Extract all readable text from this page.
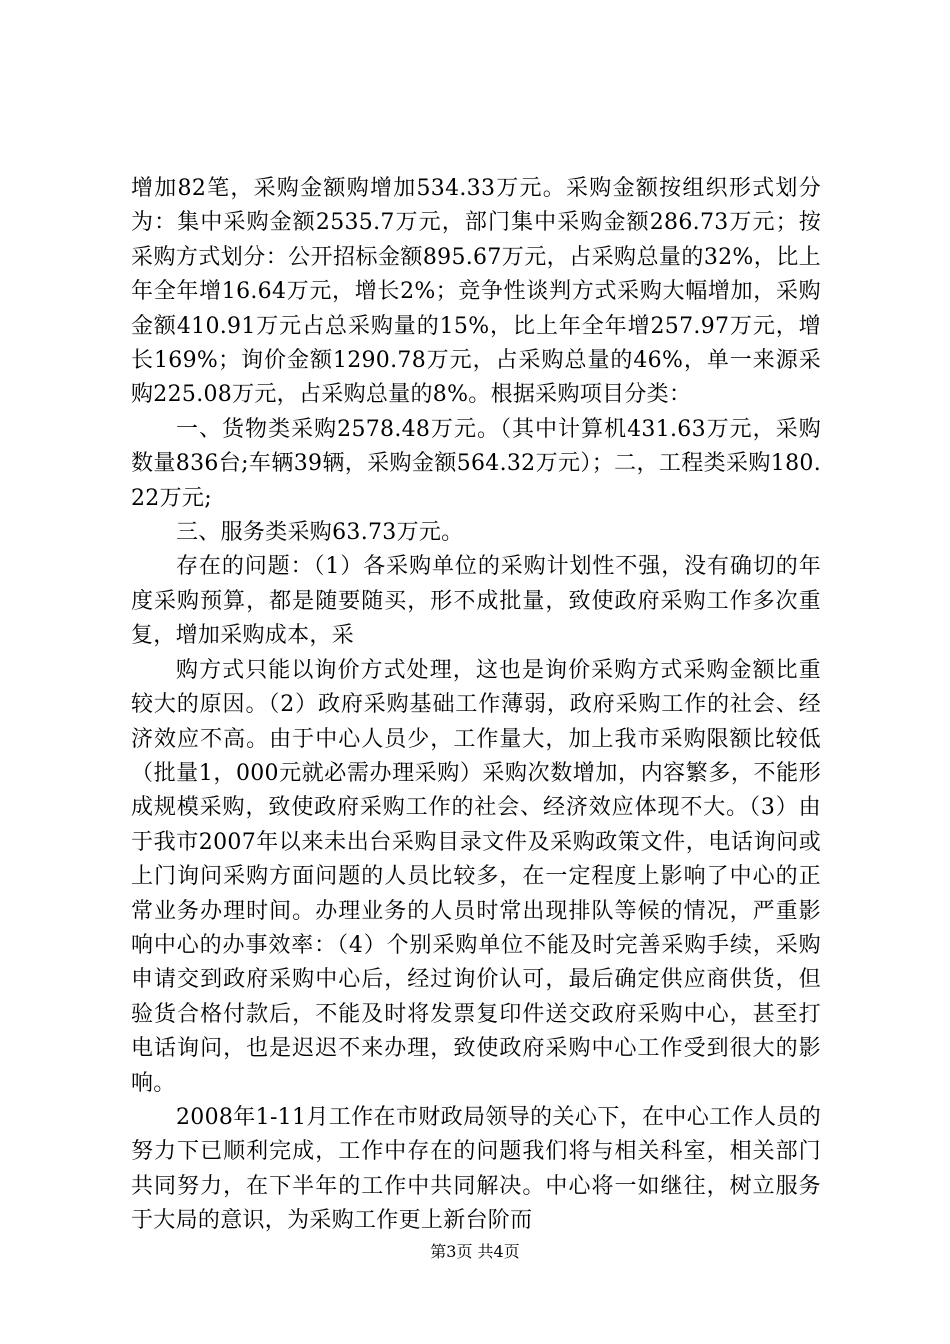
增加82笔，采购金额购增加534.33万元。采购金额按组织形式划分为：集中采购金额2535.7万元，部门集中采购金额286.73万元；按采购方式划分：公开招标金额895.67万元，占采购总量的32%，比上年全年增16.64万元，增长2%；竞争性谈判方式采购大幅增加，采购金额410.91万元占总采购量的15%，比上年全年增257.97万元，增长169%；询价金额1290.78万元，占采购总量的46%，单一来源采购225.08万元，占采购总量的8%。根据采购项目分类：

一、货物类采购2578.48万元。（其中计算机431.63万元，采购数量836台;车辆39辆，采购金额564.32万元）；二，工程类采购180.22万元;

三、服务类采购63.73万元。

存在的问题：（1）各采购单位的采购计划性不强，没有确切的年度采购预算，都是随要随买，形不成批量，致使政府采购工作多次重复，增加采购成本，采

购方式只能以询价方式处理，这也是询价采购方式采购金额比重较大的原因。（2）政府采购基础工作薄弱，政府采购工作的社会、经济效应不高。由于中心人员少，工作量大，加上我市采购限额比较低（批量1，000元就必需办理采购）采购次数增加，内容繁多，不能形成规模采购，致使政府采购工作的社会、经济效应体现不大。（3）由于我市2007年以来未出台采购目录文件及采购政策文件，电话询问或上门询问采购方面问题的人员比较多，在一定程度上影响了中心的正常业务办理时间。办理业务的人员时常出现排队等候的情况，严重影响中心的办事效率：（4）个别采购单位不能及时完善采购手续，采购申请交到政府采购中心后，经过询价认可，最后确定供应商供货，但验货合格付款后，不能及时将发票复印件送交政府采购中心，甚至打电话询问，也是迟迟不来办理，致使政府采购中心工作受到很大的影响。

2008年1-11月工作在市财政局领导的关心下，在中心工作人员的努力下已顺利完成，工作中存在的问题我们将与相关科室，相关部门共同努力，在下半年的工作中共同解决。中心将一如继往，树立服务于大局的意识，为采购工作更上新台阶而

第3页 共4页
